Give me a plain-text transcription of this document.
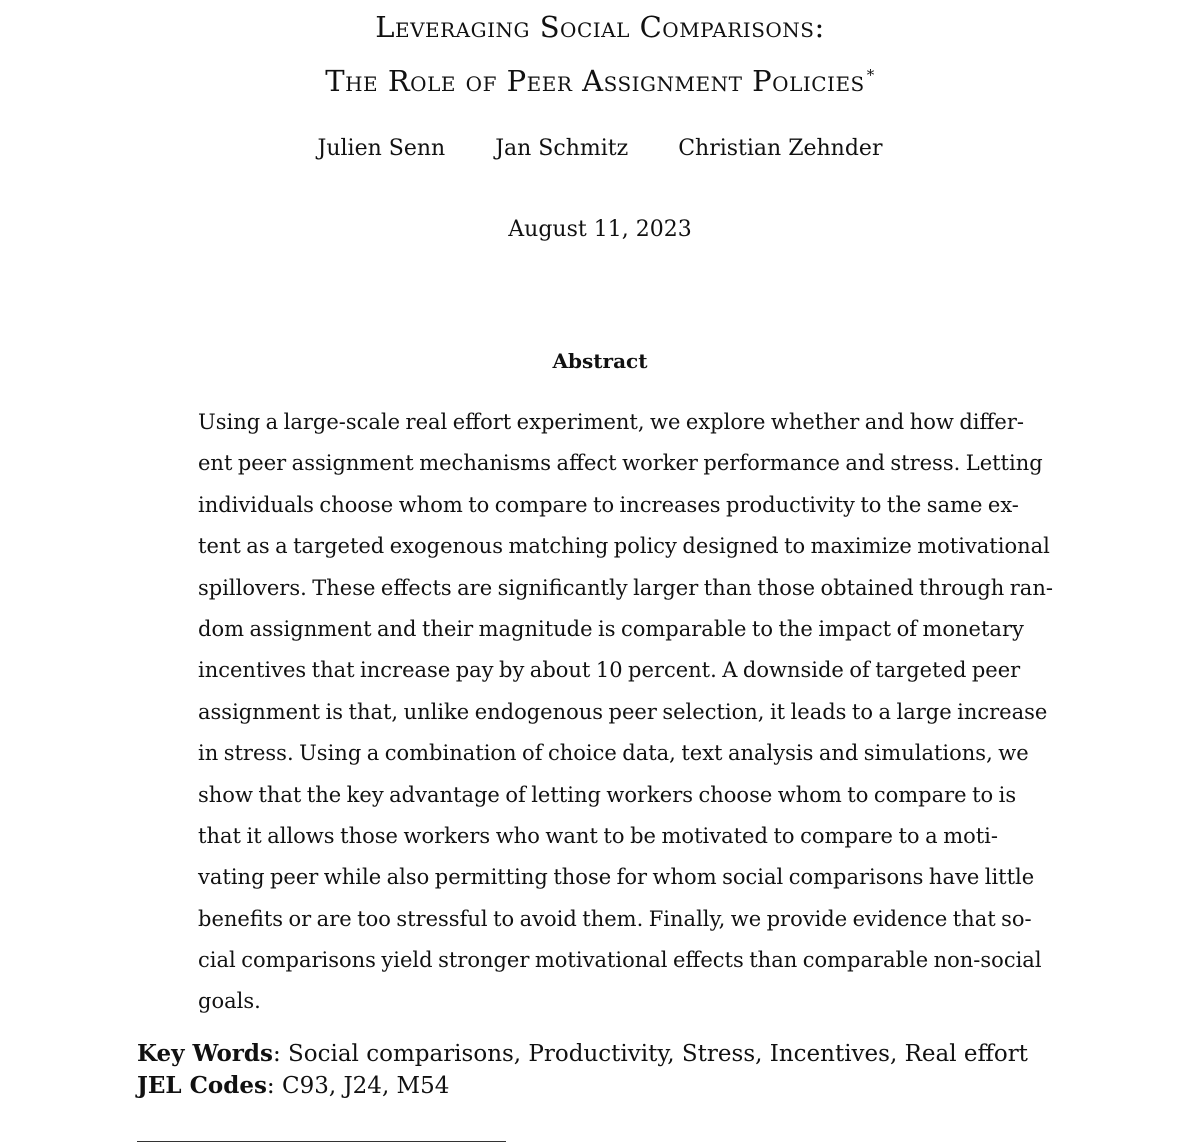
Leveraging Social Comparisons:
The Role of Peer Assignment Policies *
Julien Senn Jan Schmitz Christian Zehnder
August 11, 2023
Abstract
Using a large-scale real effort experiment, we explore whether and how differ-
ent peer assignment mechanisms affect worker performance and stress. Letting
individuals choose whom to compare to increases productivity to the same ex-
tent as a targeted exogenous matching policy designed to maximize motivational
spillovers. These effects are significantly larger than those obtained through ran-
dom assignment and their magnitude is comparable to the impact of monetary
incentives that increase pay by about 10 percent. A downside of targeted peer
assignment is that, unlike endogenous peer selection, it leads to a large increase
in stress. Using a combination of choice data, text analysis and simulations, we
show that the key advantage of letting workers choose whom to compare to is
that it allows those workers who want to be motivated to compare to a moti-
vating peer while also permitting those for whom social comparisons have little
benefits or are too stressful to avoid them. Finally, we provide evidence that so-
cial comparisons yield stronger motivational effects than comparable non-social
goals.
Key Words: Social comparisons, Productivity, Stress, Incentives, Real effort
JEL Codes: C93, J24, M54
